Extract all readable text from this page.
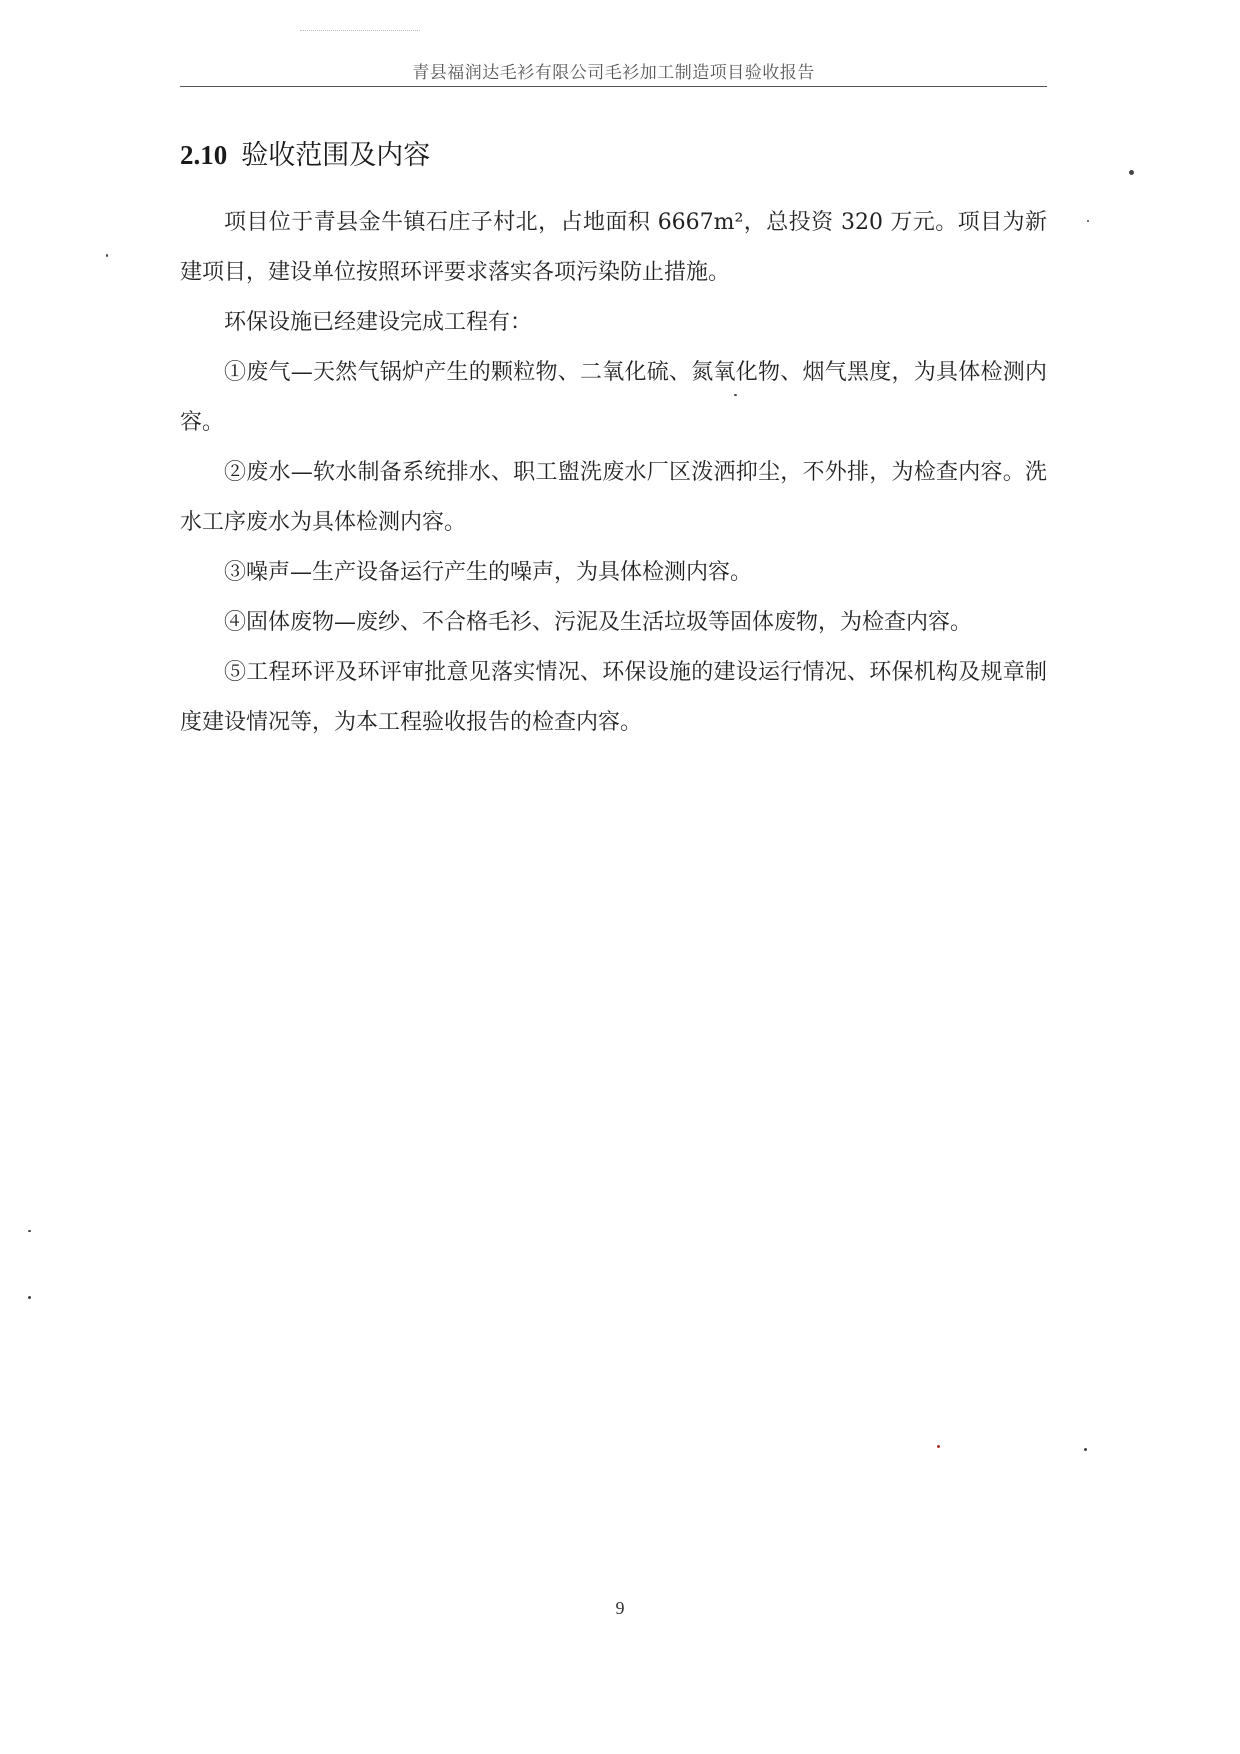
青县福润达毛衫有限公司毛衫加工制造项目验收报告
2.10 验收范围及内容

项目位于青县金牛镇石庄子村北，占地面积 6667m²，总投资 320 万元。项目为新建项目，建设单位按照环评要求落实各项污染防止措施。

环保设施已经建设完成工程有：

①废气—天然气锅炉产生的颗粒物、二氧化硫、氮氧化物、烟气黑度，为具体检测内容。

②废水—软水制备系统排水、职工盥洗废水厂区泼洒抑尘，不外排，为检查内容。洗水工序废水为具体检测内容。

③噪声—生产设备运行产生的噪声，为具体检测内容。

④固体废物—废纱、不合格毛衫、污泥及生活垃圾等固体废物，为检查内容。

⑤工程环评及环评审批意见落实情况、环保设施的建设运行情况、环保机构及规章制度建设情况等，为本工程验收报告的检查内容。

9
